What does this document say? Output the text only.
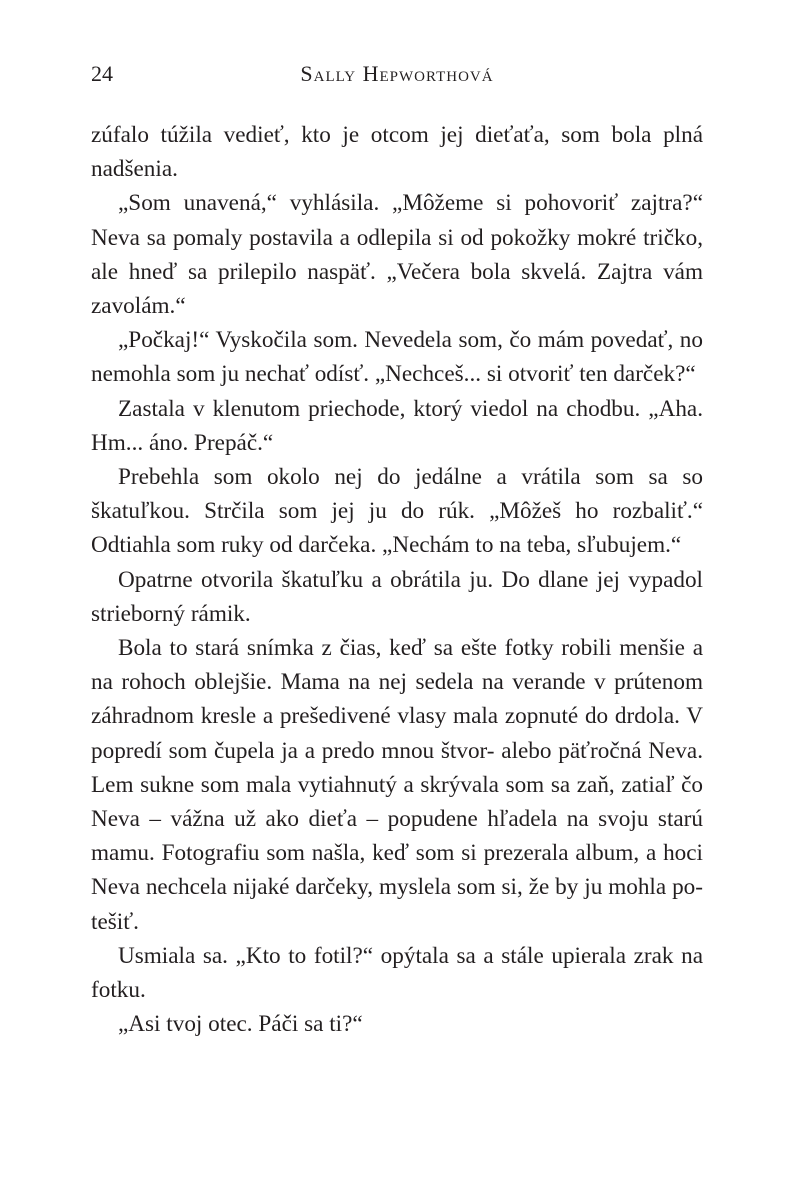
24	Sally Hepworthová

zúfalo túžila vedieť, kto je otcom jej dieťaťa, som bola plná nadšenia.

„Som unavená,“ vyhlásila. „Môžeme si pohovoriť zajtra?“ Neva sa pomaly postavila a odlepila si od pokožky mokré tričko, ale hneď sa prilepilo naspäť. „Večera bola skvelá. Zajtra vám zavolám.“

„Počkaj!“ Vyskočila som. Nevedela som, čo mám povedať, no nemohla som ju nechať odísť. „Nechceš... si otvoriť ten darček?“

Zastala v klenutom priechode, ktorý viedol na chodbu. „Aha. Hm... áno. Prepáč.“

Prebehla som okolo nej do jedálne a vrátila som sa so škatuľkou. Strčila som jej ju do rúk. „Môžeš ho rozbaliť.“ Odtiahla som ruky od darčeka. „Nechám to na teba, sľubujem.“

Opatrne otvorila škatuľku a obrátila ju. Do dlane jej vypadol strieborný rámik.

Bola to stará snímka z čias, keď sa ešte fotky robili menšie a na rohoch oblejšie. Mama na nej sedela na verande v prútenom záhradnom kresle a prešedivené vlasy mala zopnuté do drdola. V popredí som čupela ja a predo mnou štvor- alebo päťročná Neva. Lem sukne som mala vytiahnutý a skrývala som sa zaň, zatiaľ čo Neva – vážna už ako dieťa – popudene hľadela na svoju starú mamu. Fotografiu som našla, keď som si prezerala album, a hoci Neva nechcela nijaké darčeky, myslela som si, že by ju mohla potešiť.

Usmiala sa. „Kto to fotil?“ opýtala sa a stále upierala zrak na fotku.

„Asi tvoj otec. Páči sa ti?“
